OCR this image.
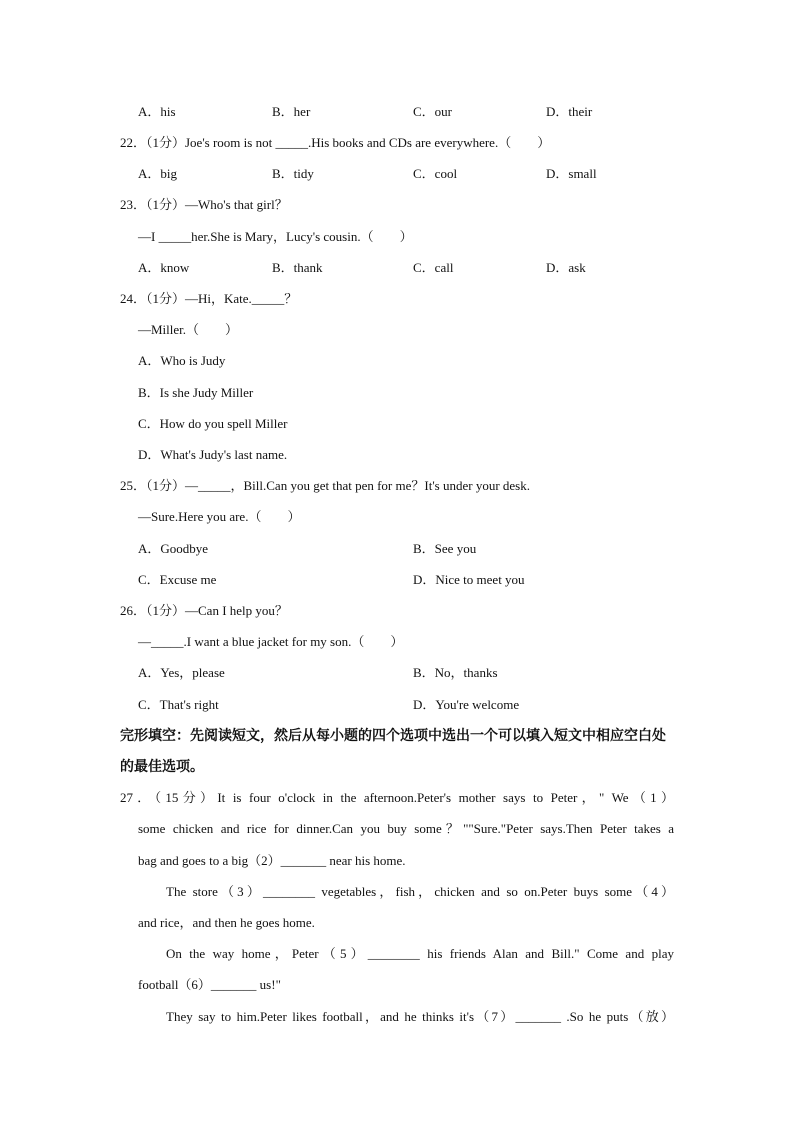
A．his	B．her	C．our	D．their
22．（1分）Joe's room is not _____.His books and CDs are everywhere.（　　）
A．big	B．tidy	C．cool	D．small
23．（1分）—Who's that girl？
—I _____her.She is Mary，Lucy's cousin.（　　）
A．know	B．thank	C．call	D．ask
24．（1分）—Hi，Kate._____？
—Miller.（　　）
A．Who is Judy
B．Is she Judy Miller
C．How do you spell Miller
D．What's Judy's last name.
25．（1分）—_____，Bill.Can you get that pen for me？It's under your desk.
—Sure.Here you are.（　　）
A．Goodbye	B．See you
C．Excuse me	D．Nice to meet you
26．（1分）—Can I help you？
—_____.I want a blue jacket for my son.（　　）
A．Yes，please	B．No，thanks
C．That's right	D．You're welcome
完形填空：先阅读短文，然后从每小题的四个选项中选出一个可以填入短文中相应空白处
的最佳选项。
27．（15分）It is four o'clock in the afternoon.Peter's mother says to Peter，" We（1）
some chicken and rice for dinner.Can you buy some？""Sure."Peter says.Then Peter takes a
bag and goes to a big（2）_______ near his home.
The store（3）________ vegetables，fish，chicken and so on.Peter buys some（4）
and rice，and then he goes home.
On the way home，Peter（5）________ his friends Alan and Bill." Come and play
football（6）_______ us!"
They say to him.Peter likes football，and he thinks it's（7）_______ .So he puts（放）
